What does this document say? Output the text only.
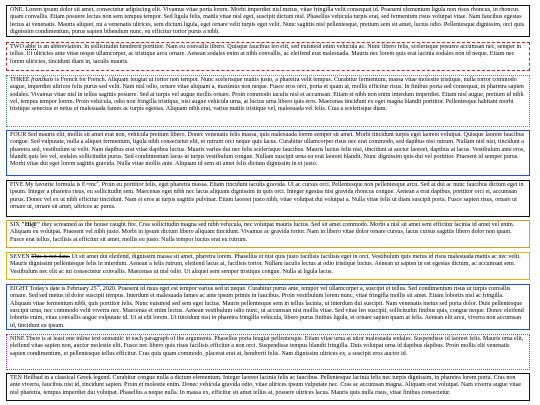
ONE. Lorem ipsum dolor sit amet, consectetur adipiscing elit. Vivamus vitae porta lorem. Morbi imperdiet nisl metus, vitae fringilla velit consequat id. Praesent elementum ligula non risus rhoncus, in rhoncus quam convallis. Etiam posuere lectus non sem tempus tempor. Sed ligula felis, mattis vitae nisl eget, suscipit dictum nisl. Phasellus vehicula turpis erat, sed fermentum risus volutpat vitae. Nam faucibus egestas lectus at venenatis. Mauris aliquet, mi a venenatis ultrices, sem dictum ligula, eget ornare velit turpis eget velit. Nunc sagittis nisi pellentesque, pretium sem sit amet, luctus odio. Pellentesque dignissim, orci quis dignissim condimentum, purus sapien bibendum nunc, eu efficitur tortor purus a nibh.
TWO abbr is an abbreviation. In sollicitudin hendrerit porttitor. Nam eu convallis libero. Quisque faucibus leo elit, sed euismod enim vehicula ac. Nunc libero felis, scelerisque posuere accumsan nec, semper in tellus. Ut ultricies ante vitae neque ullamcorper, ac tristique arcu ornare. Aenean sodales enim at nibh convallis, ac eleifend erat malesuada. Mauris nec lorem quis erat lacinia sodales non id neque. Etiam nec lorem ultricies, tincidunt diam in, iaculis mauris.
THREE franžkais is French for French. Aliquam feugiat ut tortor non tempor. Nunc scelerisque mattis justo, a pharetra velit tempus. Curabitur fermentum, massa vitae molestie tristique, nulla tortor commodo augue, imperdiet ultrices felis purus sed velit. Nam nisl odio, ornare vitae aliquam a, maximus non neque. Fusce eros orci, porta et quam at, mollis efficitur risus. In finibus porta sed consequat, in pharetra sapien sodales. Vivamus vitae nisl in tellus sagittis posuere. Sed at turpis vel augue mollis ornare. Proin commodo iaculis nisl et accumsan. Etiam et nibh non enim interdum imperdiet. Etiam nisl augue, pretium id nibh vel, tempus tempor lorem. Proin vehicula, odio non fringilla tristique, nisi augue vehicula urna, at luctus urna libero quis eros. Maecenas tincidunt ex eget magna blandit porttitor. Pellentesque habitant morbi tristique senectus et netus et malesuada fames ac turpis egestas. Aliquam nibh erat, varius mattis tristique vel, malesuada vel felis. Cras a scelerisque diam.
FOUR Sed mauris elit, mollis sit amet erat non, vehicula pretium libero. Donec venenatis felis massa, quis malesuada lorem semper sit amet. Morbi tincidunt turpis eget laoreet volutpat. Quisque laoreet faucibus congue. Sed vulputate, nulla a aliquet fermentum, ligula nibh consectetur elit, et rutrum orci neque quis lacus. Curabitur ullamcorper risus nec erat commodo, sed dapibus nisi rutrum. Nullam nisl nisi, tincidunt a pharetra sed, vestibulum ut velit. Nam dapibus erat vitae dapibus luctus. Mauris varius dui nec felis scelerisque faucibus. Mauris luctus felis nisi, tincidunt at auctor laoreet, dapibus at lacus. Vestibulum ante eros, blandit quis leo vel, sodales sollicitudin purus. Sed condimentum lacus ut turpis vestibulum congue. Nullam suscipit urna eu erat laoreet blandit. Nunc dignissim quis dui vel porttitor. Praesent id semper purus. Morbi vitae dui eget lorem sagittis gravida. Nulla vitae mollis ante. Aliquam id sem sit amet felis dictum dignissim in et justo.
FIVE My favorite formula is $E=mc^2$. Proin eu porttitor felis, eget pharetra massa. Etiam tincidunt iaculis gravida. Ut ac cursus orci. Pellentesque non pellentesque arcu. Sed at dui ac nunc faucibus dictum eget in ipsum. Integer a pharetra risus, eu sollicitudin sem. Maecenas eget nibh nec lacus aliquam dignissim in quis orci. Integer egestas nisi gravida rhoncus congue. Aenean a erat dapibus, porttitor orci et, accumsan purus. Donec vel ex ut nibh efficitur tincidunt. Nam et eros at turpis sagittis pulvinar. Etiam laoreet justo nibh, vitae volutpat dui volutpat a. Nulla vitae felis ut diam suscipit porta. Fusce sapien risus, ornare ut ornare ut, ornare sit amet, ultrices ac purus.
SIX "Hi@" they screamed as the house caught fire. Cras sollicitudin magna sed nibh vehicula, nec volutpat mauris luctus. Sed sit amet commodo. Morbi a nisl sit amet sem efficitur lacinia id amet vel enim. Aliquam eu volutpat. Praesent vel nibh justo. Morbi in ipsum dictum libero aliquam tincidunt. Vivamus ac gravida tortor. Nam in libero vitae dolor ornare cursus, lacus cursus sagittis libero dolor non quam. Fusce erat tellus, facilisis at efficitur sit amet, mollis eu justo. Nulla tempor luctus erat eu rutrum.
SEVEN This is not data. Ut sit amet dui eleifend, dignissim massa sit amet, pharetra lorem. Phasellus et nisi quis justo facilisis facilisis eget in orci. Vestibulum quis metus id risus malesuada mattis ac nec velit. Mauris dignissim pellentesque felis in interdum. Aenean a felis rutrum, eleifend lacus at, facilisis tortor. Nullam iaculis lectus at odio tristique luctus. Aenean ut sapien in est egestas dictum, ac accumsan sem. Vestibulum nec elit ac mi consectetur convallis. Maecenas ut nisl odio. Ut aliquet sem semper tristique congue. Nulla at ligula lacus.
EIGHT Today's date is February 25th, 2020. Praesent id risus eget est tempor varius sed ut neque. Curabitur purus ante, tempor vel ullamcorper a, suscipit et tellus. Sed condimentum risus ut turpis convallis ornare. Sed sed metus id dolor suscipit tempus. Interdum et malesuada fames ac ante ipsum primis in faucibus. Proin vestibulum lorem nunc, vitae fringilla mollis sit amet. Etiam lobortis nisl ac fringilla. Aliquam vitae fermentum nibh, quis porttitor felis. Nunc euismod sed sem eget luctus. Mauris pellentesque sem in tellus lacinia, ut interdum dui suscipit. Nam venenatis metus sed porta dolor. Duis pellentesque suscipit urna, nec commodo velit viverra nec. Maecenas et enim lectus. Aenean vestibulum odio nunc, ut accumsan nisi mollis vitae. Sed vitae leo suscipit, sollicitudin finibus quis, congue neque. Donec eleifend lobortis enim, vitae convallis augue vulputate id. Ut at elit lorem. Ut tincidunt nisi in pharetra fringilla vehicula, libero purus finibus ligula, et ornare sapien quam at felis. Aenean elit arcu, viverra non accumsan id, tincidunt eu ipsum.
NINE There is at least one inline text semantic in each paragraph of the arguments. Phasellus porta feugiat pellentesque. Etiam vitae urna at uttor malesuada sodales. Suspendisse id laoreet felis. Mauris urna elit, eleifend vitae sapien non, auctor molestie elit. Fusce nec libero quis risus facilisis efficitur a non orci. Suspendisse tempus blandit fringilla. Duis volutpat urna id dapibus dapibus. Proin mollis elit venenatis sapien condimentum, et pellentesque tellus efficitur. Cras quis quam commodo, placerat erat at, hendrerit felis. Nam dignissim ultrices ex, a suscipit eros auctor id.
TEN Heilbad in a classical Greek legend. Curabitur congue nulla a dictum elementum. Integer laoreet lacinia felis ac faucibus. Pellentesque lacinia felis nec turpis dignissim, in pharetra lorem porta. Cras non ante viverra, faucibus nisi id, tincidunt sapien. Proin et molestie enim. Donec vehicula gravida odio, vitae ultrices ipsum vulputate nec. Cras ac accumsan magna. Aliquam erat volutpat. Nam viverra augue vitae nisl pharetra, tempus imperdiet dui volutpat. Phasellus a neque nulla. In massa ex, efficitur sit amet tellus at, posuere ultrices lacus. Mauris quis nulla risus, vitae finibus consectetur.
